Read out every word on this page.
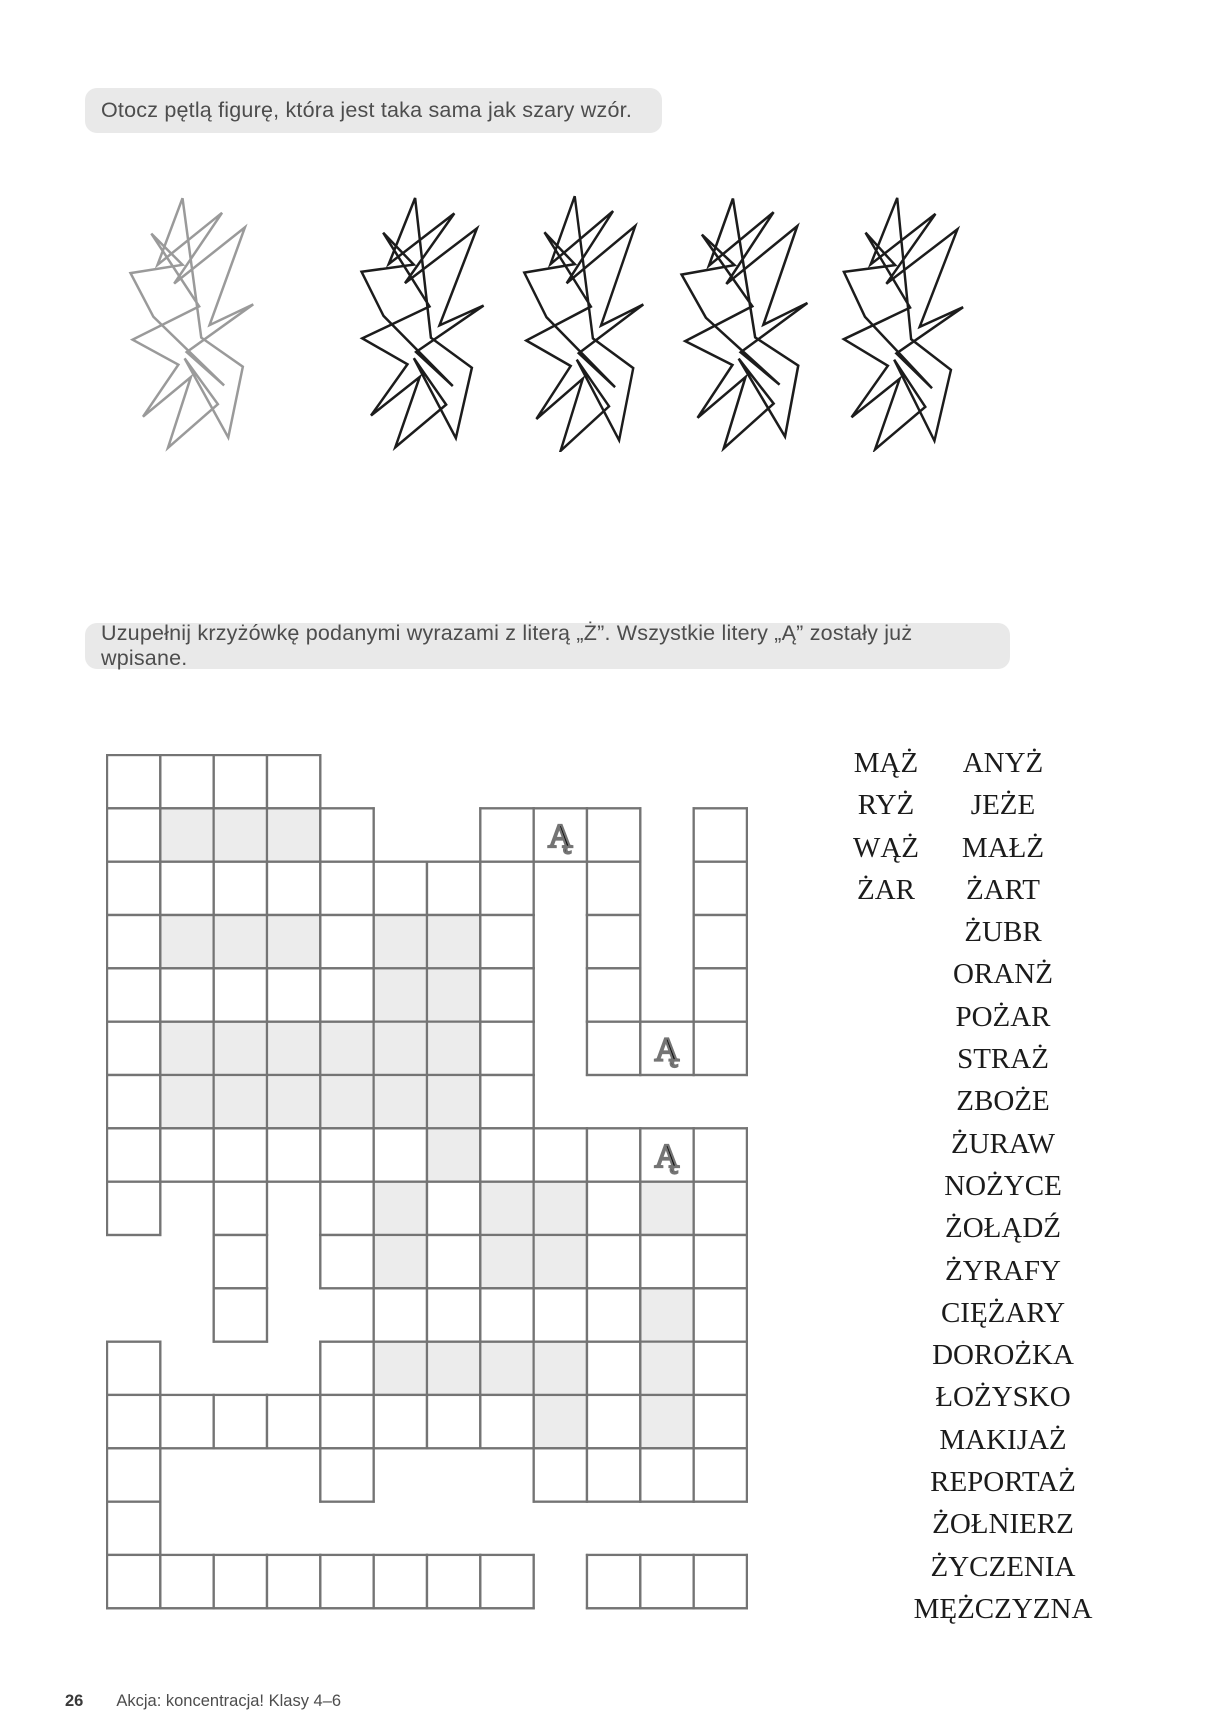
Otocz pętlą figurę, która jest taka sama jak szary wzór.
Uzupełnij krzyżówkę podanymi wyrazami z literą „Ż”. Wszystkie litery „Ą” zostały już wpisane.
Ą
Ą
Ą
MĄŻ	ANYŻ
RYŻ	JEŻE
WĄŻ	MAŁŻ
ŻAR	ŻART
ŻUBR
ORANŻ
POŻAR
STRAŻ
ZBOŻE
ŻURAW
NOŻYCE
ŻOŁĄDŹ
ŻYRAFY
CIĘŻARY
DOROŻKA
ŁOŻYSKO
MAKIJAŻ
REPORTAŻ
ŻOŁNIERZ
ŻYCZENIA
MĘŻCZYZNA
26 Akcja: koncentracja! Klasy 4–6
